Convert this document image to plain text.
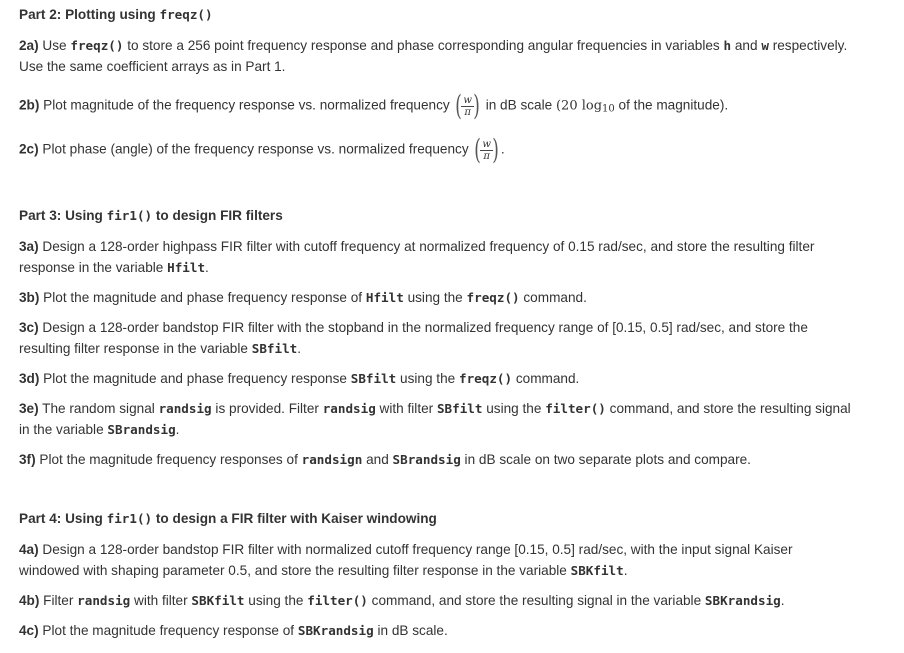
Part 2: Plotting using freqz()

2a) Use freqz() to store a 256 point frequency response and phase corresponding angular frequencies in variables h and w respectively.
Use the same coefficient arrays as in Part 1.

2b) Plot magnitude of the frequency response vs. normalized frequency ( $\frac{w}{\pi}$ ) in dB scale (20 $\log_{10}$ of the magnitude).

2c) Plot phase (angle) of the frequency response vs. normalized frequency ( $\frac{w}{\pi}$ ) .

Part 3: Using fir1() to design FIR filters

3a) Design a 128-order highpass FIR filter with cutoff frequency at normalized frequency of 0.15 rad/sec, and store the resulting filter
response in the variable Hfilt.

3b) Plot the magnitude and phase frequency response of Hfilt using the freqz() command.

3c) Design a 128-order bandstop FIR filter with the stopband in the normalized frequency range of [0.15, 0.5] rad/sec, and store the
resulting filter response in the variable SBfilt.

3d) Plot the magnitude and phase frequency response SBfilt using the freqz() command.

3e) The random signal randsig is provided. Filter randsig with filter SBfilt using the filter() command, and store the resulting signal
in the variable SBrandsig.

3f) Plot the magnitude frequency responses of randsign and SBrandsig in dB scale on two separate plots and compare.

Part 4: Using fir1() to design a FIR filter with Kaiser windowing

4a) Design a 128-order bandstop FIR filter with normalized cutoff frequency range [0.15, 0.5] rad/sec, with the input signal Kaiser
windowed with shaping parameter 0.5, and store the resulting filter response in the variable SBKfilt.

4b) Filter randsig with filter SBKfilt using the filter() command, and store the resulting signal in the variable SBKrandsig.

4c) Plot the magnitude frequency response of SBKrandsig in dB scale.
